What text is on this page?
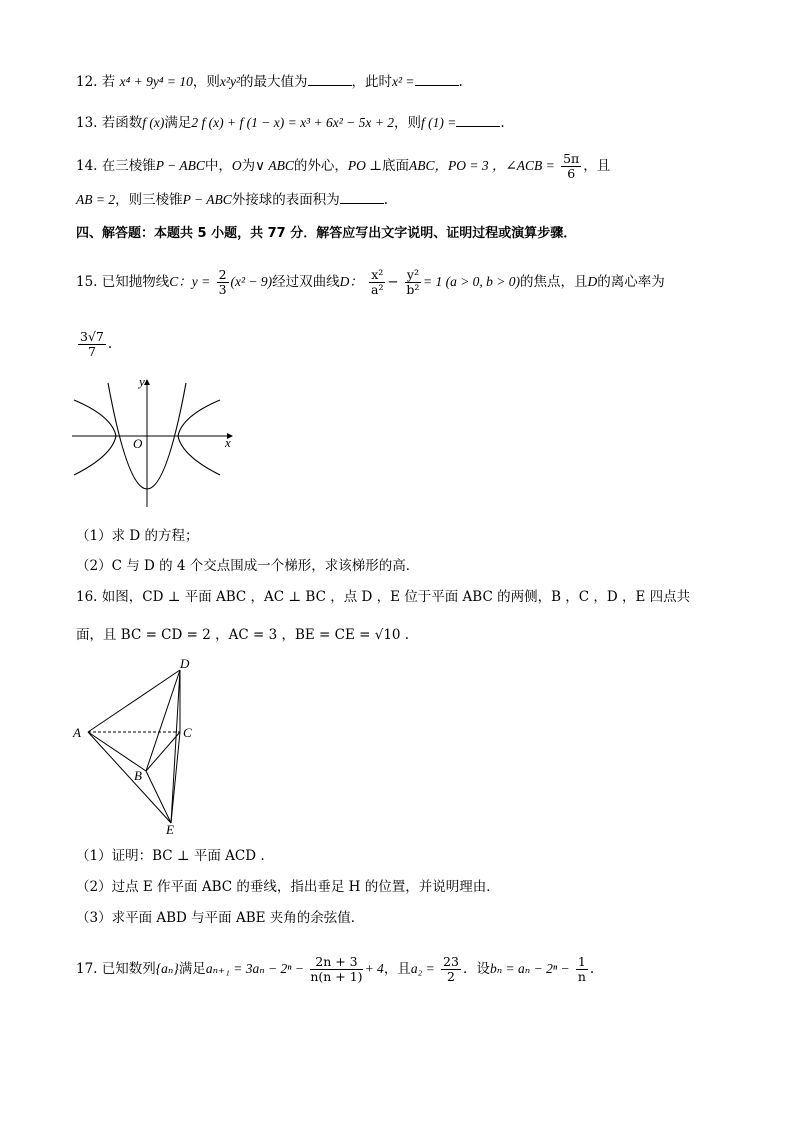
12. 若 x⁴ + 9y⁴ = 10，则x²y²的最大值为	，此时x² =	.
13. 若函数f (x)满足2 f (x) + f (1 − x) = x³ + 6x² − 5x + 2，则f (1) =	.
14. 在三棱锥P − ABC中，O为∨ ABC的外心，PO ⊥底面ABC，PO = 3 ，∠ACB = $\frac{5\pi}{6}$ ，且
AB = 2，则三棱锥P − ABC外接球的表面积为	.
四、解答题：本题共 5 小题，共 77 分．解答应写出文字说明、证明过程或演算步骤．
15. 已知抛物线C：$y = \frac{2}{3} (x^2 - 9)$经过双曲线D： $\frac{\text{x²}}{\text{a²}} - \frac{\text{y²}}{\text{b²}} = 1$ (a > 0, b > 0)的焦点，且D的离心率为
$\frac{3√7}{7}$ .
y
x
O
（1）求 D 的方程；
（2）C 与 D 的 4 个交点围成一个梯形，求该梯形的高．
16. 如图，CD ⊥ 平面 ABC ，AC ⊥ BC ，点 D ，E 位于平面 ABC 的两侧，B ，C ，D ，E 四点共
面，且 BC = CD = 2 ，AC = 3 ，BE = CE = √10 .
A
B
C
D
E
（1）证明：BC ⊥ 平面 ACD .
（2）过点 E 作平面 ABC 的垂线，指出垂足 H 的位置，并说明理由．
（3）求平面 ABD 与平面 ABE 夹角的余弦值．
17. 已知数列{aₙ}满足$a_{n+1} = 3a_n - 2^n - \frac{2n + 3}{n(n + 1)} + 4$，且$a_2 = \frac{23}{2}$ ．设$b_n = a_n - 2^n - \frac{1}{n}$ .
